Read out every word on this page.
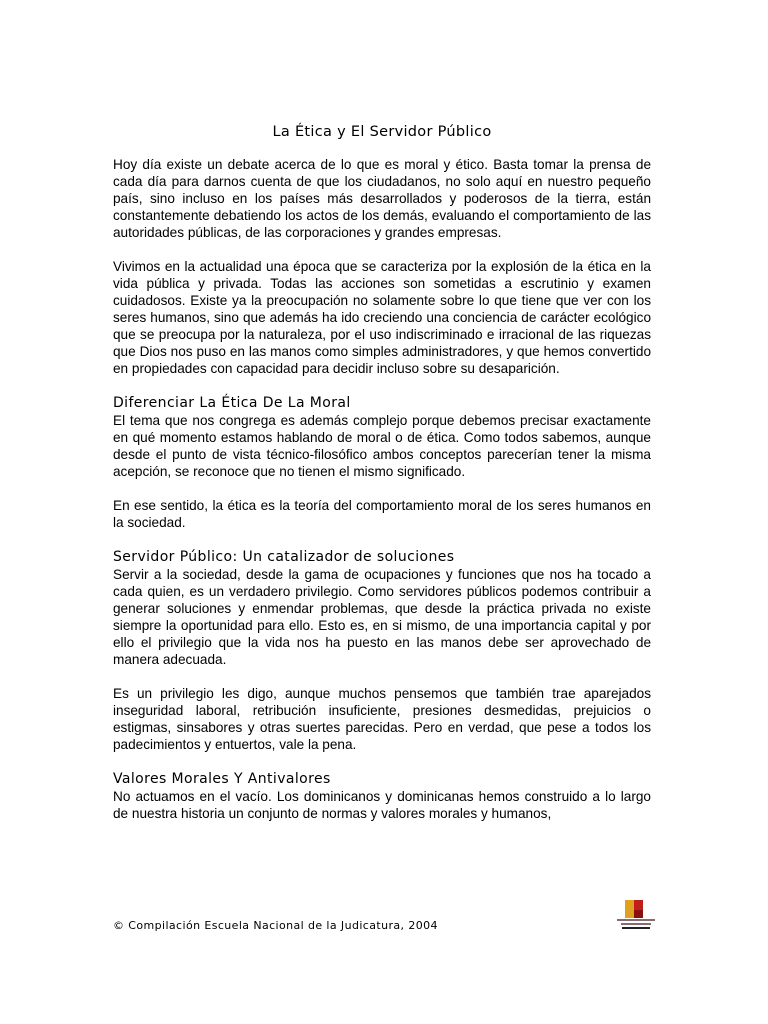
La Ética y El Servidor Público

Hoy día existe un debate acerca de lo que es moral y ético. Basta tomar la prensa de cada día para darnos cuenta de que los ciudadanos, no solo aquí en nuestro pequeño país, sino incluso en los países más desarrollados y poderosos de la tierra, están constantemente debatiendo los actos de los demás, evaluando el comportamiento de las autoridades públicas, de las corporaciones y grandes empresas.

Vivimos en la actualidad una época que se caracteriza por la explosión de la ética en la vida pública y privada. Todas las acciones son sometidas a escrutinio y examen cuidadosos. Existe ya la preocupación no solamente sobre lo que tiene que ver con los seres humanos, sino que además ha ido creciendo una conciencia de carácter ecológico que se preocupa por la naturaleza, por el uso indiscriminado e irracional de las riquezas que Dios nos puso en las manos como simples administradores, y que hemos convertido en propiedades con capacidad para decidir incluso sobre su desaparición.

Diferenciar La Ética De La Moral

El tema que nos congrega es además complejo porque debemos precisar exactamente en qué momento estamos hablando de moral o de ética. Como todos sabemos, aunque desde el punto de vista técnico-filosófico ambos conceptos parecerían tener la misma acepción, se reconoce que no tienen el mismo significado.

En ese sentido, la ética es la teoría del comportamiento moral de los seres humanos en la sociedad.

Servidor Público: Un catalizador de soluciones

Servir a la sociedad, desde la gama de ocupaciones y funciones que nos ha tocado a cada quien, es un verdadero privilegio. Como servidores públicos podemos contribuir a generar soluciones y enmendar problemas, que desde la práctica privada no existe siempre la oportunidad para ello. Esto es, en si mismo, de una importancia capital y por ello el privilegio que la vida nos ha puesto en las manos debe ser aprovechado de manera adecuada.

Es un privilegio les digo, aunque muchos pensemos que también trae aparejados inseguridad laboral, retribución insuficiente, presiones desmedidas, prejuicios o estigmas, sinsabores y otras suertes parecidas. Pero en verdad, que pese a todos los padecimientos y entuertos, vale la pena.

Valores Morales Y Antivalores

No actuamos en el vacío. Los dominicanos y dominicanas hemos construido a lo largo de nuestra historia un conjunto de normas y valores morales y humanos,

© Compilación Escuela Nacional de la Judicatura, 2004
